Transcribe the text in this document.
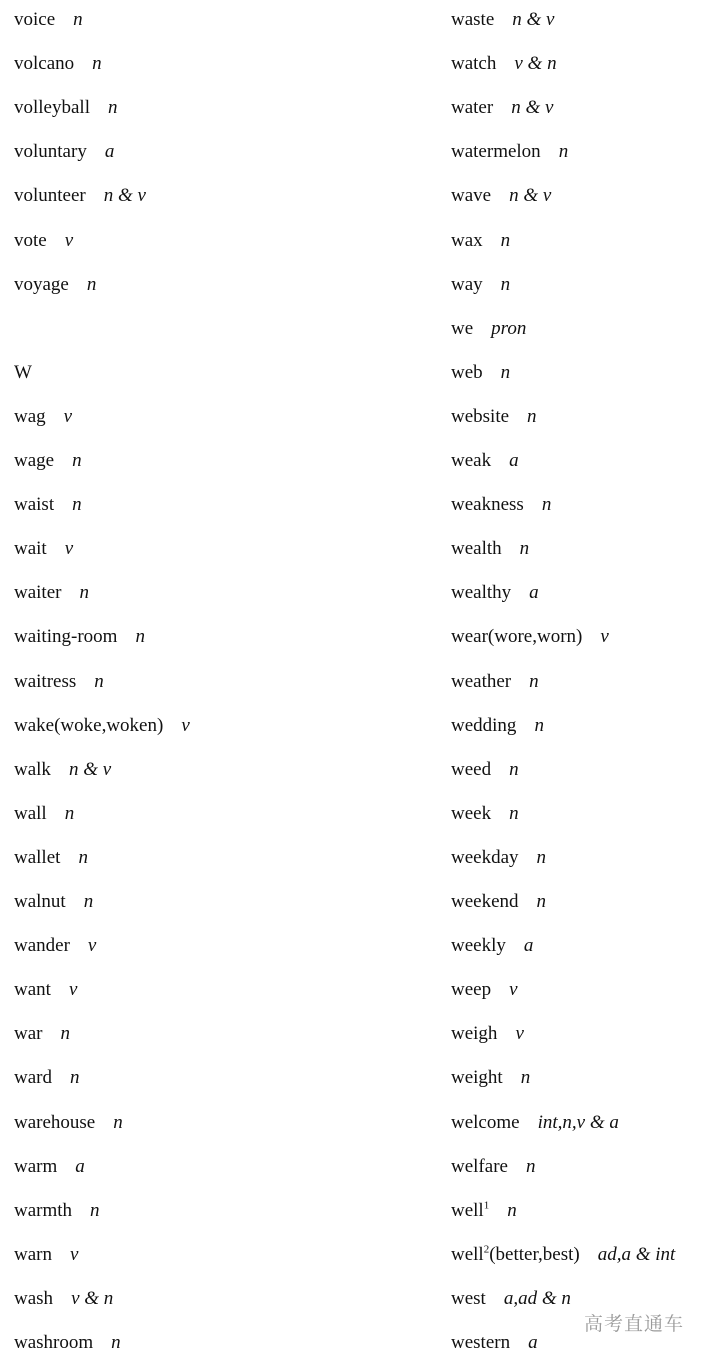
voice n
volcano n
volleyball n
voluntary a
volunteer n & v
vote v
voyage n
W
wag v
wage n
waist n
wait v
waiter n
waiting-room n
waitress n
wake(woke,woken) v
walk n & v
wall n
wallet n
walnut n
wander v
want v
war n
ward n
warehouse n
warm a
warmth n
warn v
wash v & n
washroom n
waste n & v
watch v & n
water n & v
watermelon n
wave n & v
wax n
way n
we pron
web n
website n
weak a
weakness n
wealth n
wealthy a
wear(wore,worn) v
weather n
wedding n
weed n
week n
weekday n
weekend n
weekly a
weep v
weigh v
weight n
welcome int,n,v & a
welfare n
well$^1$ n
well$^2$(better,best) ad,a & int
west a,ad & n
western a
高考直通车
